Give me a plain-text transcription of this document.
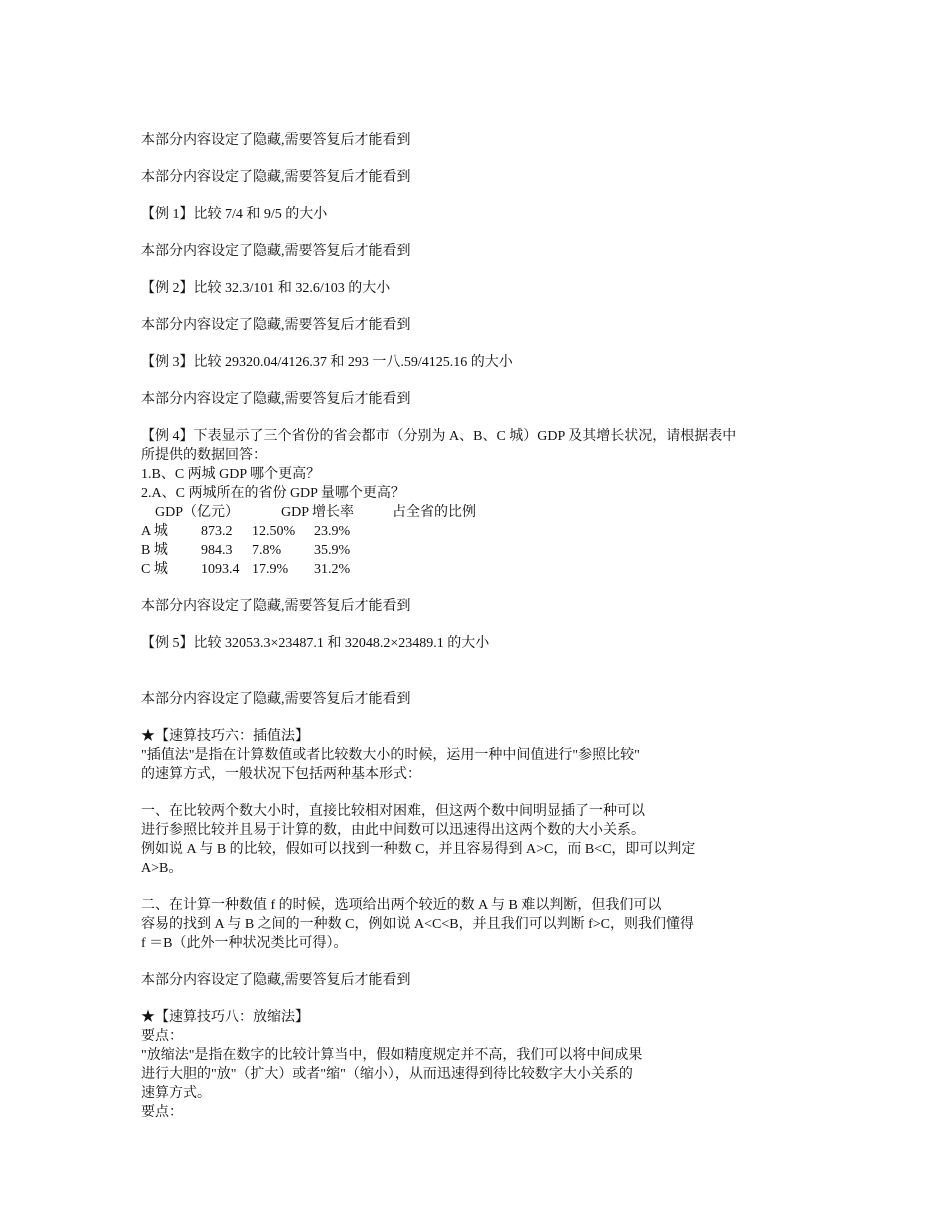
本部分内容设定了隐藏,需要答复后才能看到
本部分内容设定了隐藏,需要答复后才能看到
【例 1】比较 7/4 和 9/5 的大小
本部分内容设定了隐藏,需要答复后才能看到
【例 2】比较 32.3/101 和 32.6/103 的大小
本部分内容设定了隐藏,需要答复后才能看到
【例 3】比较 29320.04/4126.37 和 293 一八.59/4125.16 的大小
本部分内容设定了隐藏,需要答复后才能看到
【例 4】下表显示了三个省份的省会都市（分别为 A、B、C 城）GDP 及其增长状况，请根据表中
所提供的数据回答：
1.B、C 两城 GDP 哪个更高？
2.A、C 两城所在的省份 GDP 量哪个更高？

GDP（亿元）

	GDP 增长率

	占全省的比例

A 城

873.2

12.50%

23.9%

B 城

984.3

7.8%

35.9%

C 城

1093.4

17.9%

31.2%

本部分内容设定了隐藏,需要答复后才能看到
【例 5】比较 32053.3×23487.1 和 32048.2×23489.1 的大小
本部分内容设定了隐藏,需要答复后才能看到
★【速算技巧六：插值法】
"插值法"是指在计算数值或者比较数大小的时候，运用一种中间值进行"参照比较"
的速算方式，一般状况下包括两种基本形式：
一、在比较两个数大小时，直接比较相对困难，但这两个数中间明显插了一种可以
进行参照比较并且易于计算的数，由此中间数可以迅速得出这两个数的大小关系。
例如说 A 与 B 的比较，假如可以找到一种数 C，并且容易得到 A>C，而 B<C，即可以判定
A>B。
二、在计算一种数值 f 的时候，选项给出两个较近的数 A 与 B 难以判断，但我们可以
容易的找到 A 与 B 之间的一种数 C，例如说 A<C<B，并且我们可以判断 f>C，则我们懂得
f ＝B（此外一种状况类比可得）。
本部分内容设定了隐藏,需要答复后才能看到
★【速算技巧八：放缩法】
要点：
"放缩法"是指在数字的比较计算当中，假如精度规定并不高，我们可以将中间成果
进行大胆的"放"（扩大）或者"缩"（缩小），从而迅速得到待比较数字大小关系的
速算方式。
要点：
